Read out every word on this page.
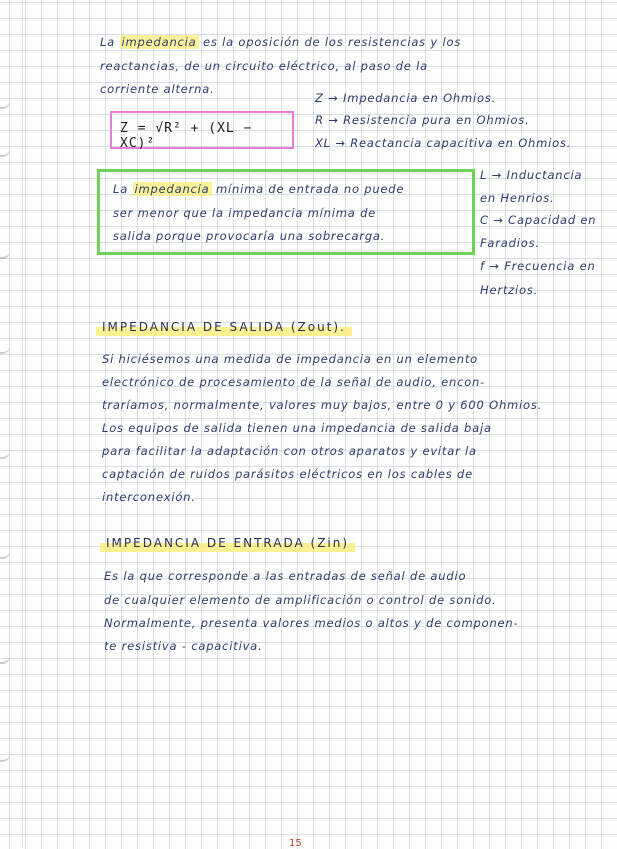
La impedancia es la oposición de los resistencias y los
reactancias, de un circuito eléctrico, al paso de la
corriente alterna.
Z → Impedancia en Ohmios.
R → Resistencia pura en Ohmios.
XL → Reactancia capacitiva en Ohmios.
Z = √R² + (XL − XC)²
La impedancia mínima de entrada no puede
ser menor que la impedancia mínima de
salida porque provocaría una sobrecarga.
L → Inductancia
en Henrios.
C → Capacidad en
Faradios.
f → Frecuencia en
Hertzios.
IMPEDANCIA DE SALIDA (Zout).
Si hiciésemos una medida de impedancia en un elemento
electrónico de procesamiento de la señal de audio, encon-
traríamos, normalmente, valores muy bajos, entre 0 y 600 Ohmios.
Los equipos de salida tienen una impedancia de salida baja
para facilitar la adaptación con otros aparatos y evitar la
captación de ruidos parásitos eléctricos en los cables de
interconexión.
IMPEDANCIA DE ENTRADA (Zin)
Es la que corresponde a las entradas de señal de audio
de cualquier elemento de amplificación o control de sonido.
Normalmente, presenta valores medios o altos y de componen-
te resistiva - capacitiva.
15
